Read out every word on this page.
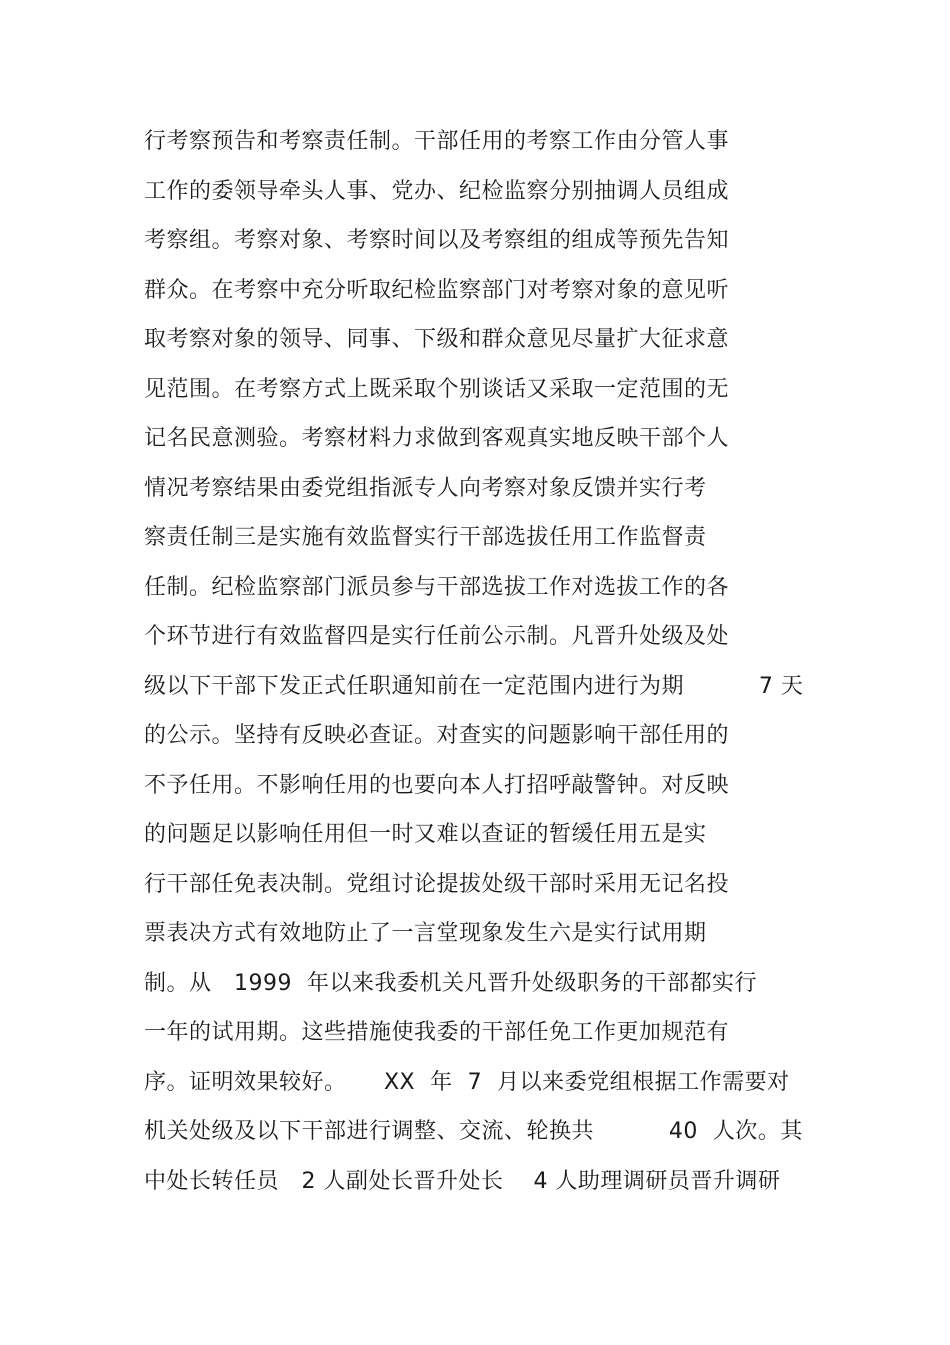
行考察预告和考察责任制。干部任用的考察工作由分管人事
工作的委领导牵头人事、党办、纪检监察分别抽调人员组成
考察组。考察对象、考察时间以及考察组的组成等预先告知
群众。在考察中充分听取纪检监察部门对考察对象的意见听
取考察对象的领导、同事、下级和群众意见尽量扩大征求意
见范围。在考察方式上既采取个别谈话又采取一定范围的无
记名民意测验。考察材料力求做到客观真实地反映干部个人
情况考察结果由委党组指派专人向考察对象反馈并实行考
察责任制三是实施有效监督实行干部选拔任用工作监督责
任制。纪检监察部门派员参与干部选拔工作对选拔工作的各
个环节进行有效监督四是实行任前公示制。凡晋升处级及处
级以下干部下发正式任职通知前在一定范围内进行为期          7 天
的公示。坚持有反映必查证。对查实的问题影响干部任用的
不予任用。不影响任用的也要向本人打招呼敲警钟。对反映
的问题足以影响任用但一时又难以查证的暂缓任用五是实
行干部任免表决制。党组讨论提拔处级干部时采用无记名投
票表决方式有效地防止了一言堂现象发生六是实行试用期
制。从   1999  年以来我委机关凡晋升处级职务的干部都实行
一年的试用期。这些措施使我委的干部任免工作更加规范有
序。证明效果较好。     XX  年  7  月以来委党组根据工作需要对
机关处级及以下干部进行调整、交流、轮换共          40  人次。其
中处长转任员   2 人副处长晋升处长    4 人助理调研员晋升调研
